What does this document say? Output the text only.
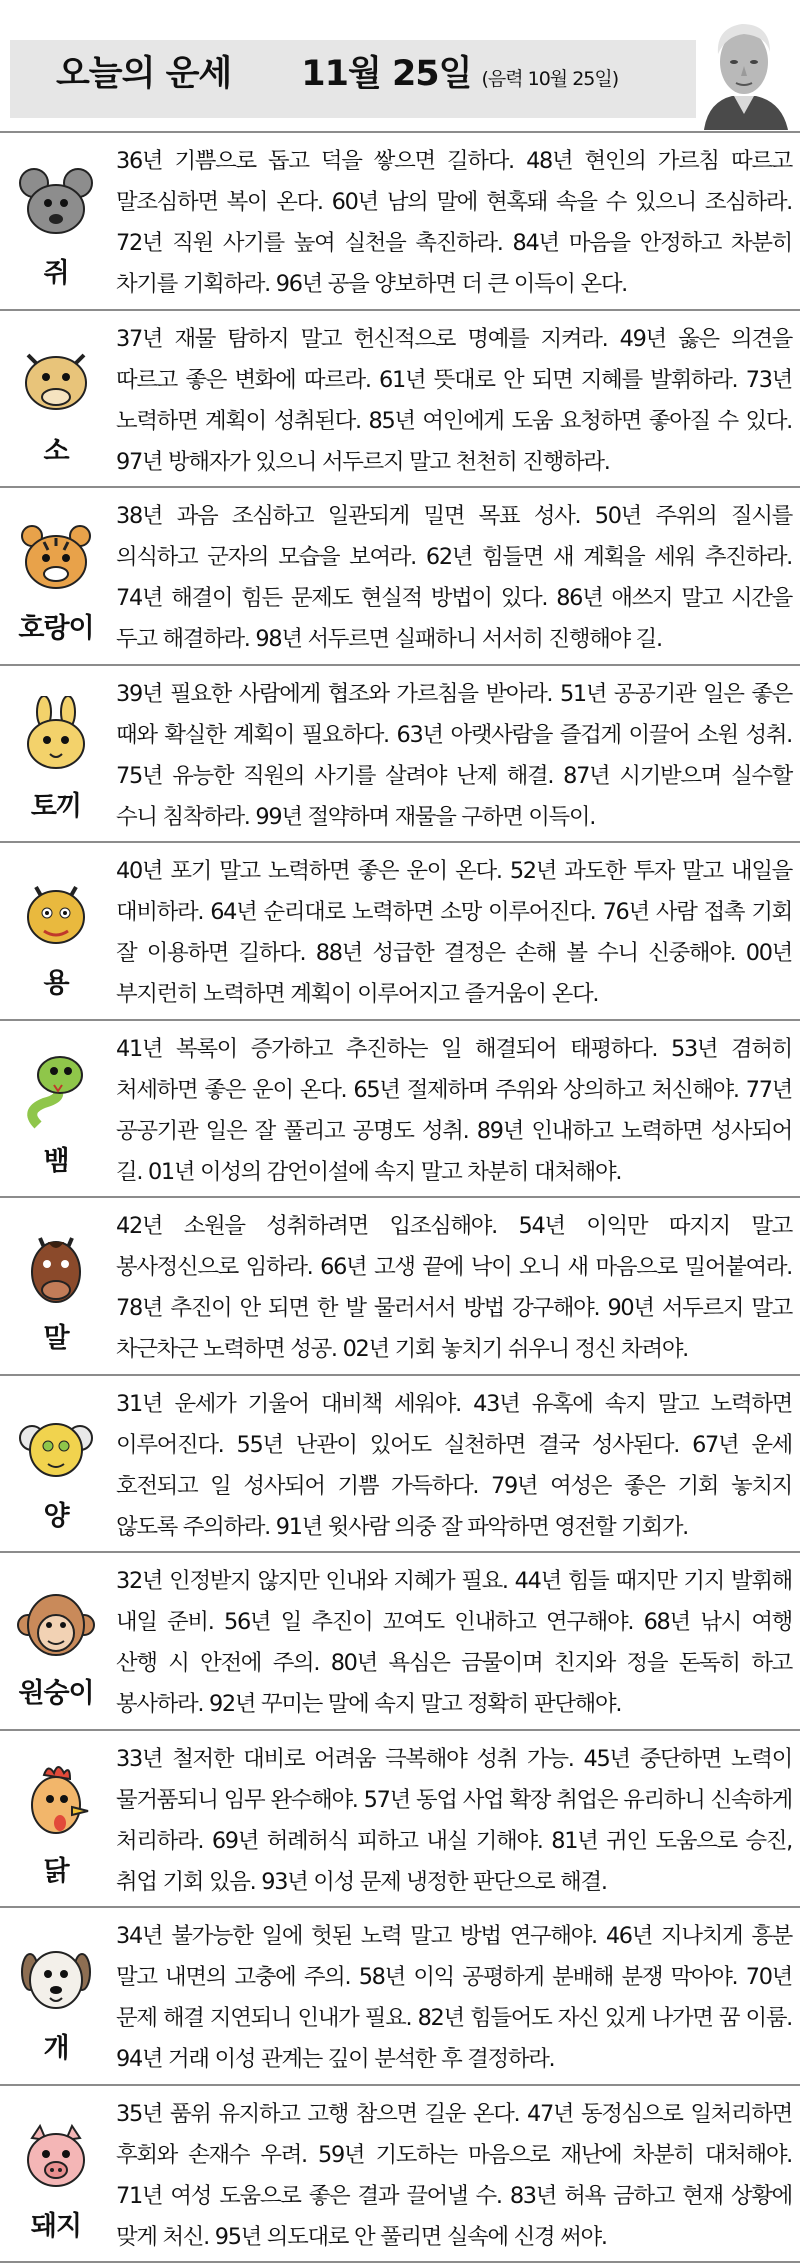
오늘의 운세 11월 25일 (음력 10월 25일)
쥐
36년 기쁨으로 돕고 덕을 쌓으면 길하다. 48년 현인의 가르침 따르고 말조심하면 복이 온다. 60년 남의 말에 현혹돼 속을 수 있으니 조심하라. 72년 직원 사기를 높여 실천을 촉진하라. 84년 마음을 안정하고 차분히 차기를 기획하라. 96년 공을 양보하면 더 큰 이득이 온다.
소
37년 재물 탐하지 말고 헌신적으로 명예를 지켜라. 49년 옳은 의견을 따르고 좋은 변화에 따르라. 61년 뜻대로 안 되면 지혜를 발휘하라. 73년 노력하면 계획이 성취된다. 85년 여인에게 도움 요청하면 좋아질 수 있다. 97년 방해자가 있으니 서두르지 말고 천천히 진행하라.
호랑이
38년 과음 조심하고 일관되게 밀면 목표 성사. 50년 주위의 질시를 의식하고 군자의 모습을 보여라. 62년 힘들면 새 계획을 세워 추진하라. 74년 해결이 힘든 문제도 현실적 방법이 있다. 86년 애쓰지 말고 시간을 두고 해결하라. 98년 서두르면 실패하니 서서히 진행해야 길.
토끼
39년 필요한 사람에게 협조와 가르침을 받아라. 51년 공공기관 일은 좋은 때와 확실한 계획이 필요하다. 63년 아랫사람을 즐겁게 이끌어 소원 성취. 75년 유능한 직원의 사기를 살려야 난제 해결. 87년 시기받으며 실수할 수니 침착하라. 99년 절약하며 재물을 구하면 이득이.
용
40년 포기 말고 노력하면 좋은 운이 온다. 52년 과도한 투자 말고 내일을 대비하라. 64년 순리대로 노력하면 소망 이루어진다. 76년 사람 접촉 기회 잘 이용하면 길하다. 88년 성급한 결정은 손해 볼 수니 신중해야. 00년 부지런히 노력하면 계획이 이루어지고 즐거움이 온다.
뱀
41년 복록이 증가하고 추진하는 일 해결되어 태평하다. 53년 겸허히 처세하면 좋은 운이 온다. 65년 절제하며 주위와 상의하고 처신해야. 77년 공공기관 일은 잘 풀리고 공명도 성취. 89년 인내하고 노력하면 성사되어 길. 01년 이성의 감언이설에 속지 말고 차분히 대처해야.
말
42년 소원을 성취하려면 입조심해야. 54년 이익만 따지지 말고 봉사정신으로 임하라. 66년 고생 끝에 낙이 오니 새 마음으로 밀어붙여라. 78년 추진이 안 되면 한 발 물러서서 방법 강구해야. 90년 서두르지 말고 차근차근 노력하면 성공. 02년 기회 놓치기 쉬우니 정신 차려야.
양
31년 운세가 기울어 대비책 세워야. 43년 유혹에 속지 말고 노력하면 이루어진다. 55년 난관이 있어도 실천하면 결국 성사된다. 67년 운세 호전되고 일 성사되어 기쁨 가득하다. 79년 여성은 좋은 기회 놓치지 않도록 주의하라. 91년 윗사람 의중 잘 파악하면 영전할 기회가.
원숭이
32년 인정받지 않지만 인내와 지혜가 필요. 44년 힘들 때지만 기지 발휘해 내일 준비. 56년 일 추진이 꼬여도 인내하고 연구해야. 68년 낚시 여행 산행 시 안전에 주의. 80년 욕심은 금물이며 친지와 정을 돈독히 하고 봉사하라. 92년 꾸미는 말에 속지 말고 정확히 판단해야.
닭
33년 철저한 대비로 어려움 극복해야 성취 가능. 45년 중단하면 노력이 물거품되니 임무 완수해야. 57년 동업 사업 확장 취업은 유리하니 신속하게 처리하라. 69년 허례허식 피하고 내실 기해야. 81년 귀인 도움으로 승진, 취업 기회 있음. 93년 이성 문제 냉정한 판단으로 해결.
개
34년 불가능한 일에 헛된 노력 말고 방법 연구해야. 46년 지나치게 흥분 말고 내면의 고충에 주의. 58년 이익 공평하게 분배해 분쟁 막아야. 70년 문제 해결 지연되니 인내가 필요. 82년 힘들어도 자신 있게 나가면 꿈 이룸. 94년 거래 이성 관계는 깊이 분석한 후 결정하라.
돼지
35년 품위 유지하고 고행 참으면 길운 온다. 47년 동정심으로 일처리하면 후회와 손재수 우려. 59년 기도하는 마음으로 재난에 차분히 대처해야. 71년 여성 도움으로 좋은 결과 끌어낼 수. 83년 허욕 금하고 현재 상황에 맞게 처신. 95년 의도대로 안 풀리면 실속에 신경 써야.
